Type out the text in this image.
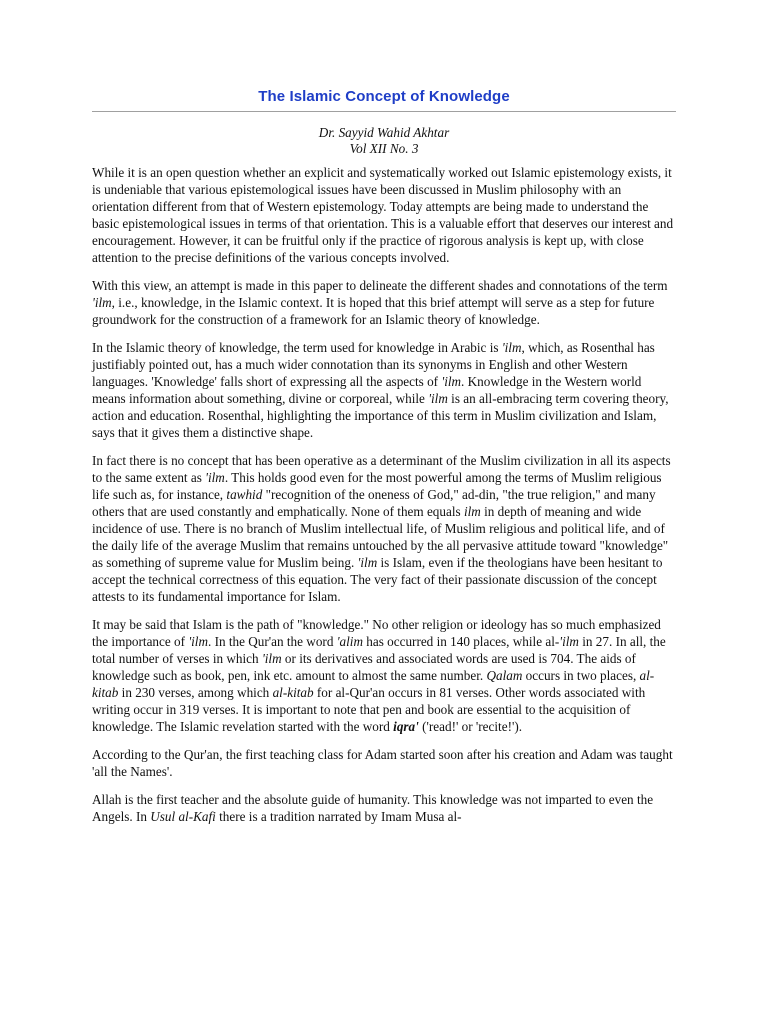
The Islamic Concept of Knowledge
Dr. Sayyid Wahid Akhtar
Vol XII No. 3

While it is an open question whether an explicit and systematically worked out Islamic epistemology exists, it is undeniable that various epistemological issues have been discussed in Muslim philosophy with an orientation different from that of Western epistemology. Today attempts are being made to understand the basic epistemological issues in terms of that orientation. This is a valuable effort that deserves our interest and encouragement. However, it can be fruitful only if the practice of rigorous analysis is kept up, with close attention to the precise definitions of the various concepts involved.

With this view, an attempt is made in this paper to delineate the different shades and connotations of the term 'ilm, i.e., knowledge, in the Islamic context. It is hoped that this brief attempt will serve as a step for future groundwork for the construction of a framework for an Islamic theory of knowledge.

In the Islamic theory of knowledge, the term used for knowledge in Arabic is 'ilm, which, as Rosenthal has justifiably pointed out, has a much wider connotation than its synonyms in English and other Western languages. 'Knowledge' falls short of expressing all the aspects of 'ilm. Knowledge in the Western world means information about something, divine or corporeal, while 'ilm is an all-embracing term covering theory, action and education. Rosenthal, highlighting the importance of this term in Muslim civilization and Islam, says that it gives them a distinctive shape.

In fact there is no concept that has been operative as a determinant of the Muslim civilization in all its aspects to the same extent as 'ilm. This holds good even for the most powerful among the terms of Muslim religious life such as, for instance, tawhid "recognition of the oneness of God," ad-din, "the true religion," and many others that are used constantly and emphatically. None of them equals ilm in depth of meaning and wide incidence of use. There is no branch of Muslim intellectual life, of Muslim religious and political life, and of the daily life of the average Muslim that remains untouched by the all pervasive attitude toward "knowledge" as something of supreme value for Muslim being. 'ilm is Islam, even if the theologians have been hesitant to accept the technical correctness of this equation. The very fact of their passionate discussion of the concept attests to its fundamental importance for Islam.

It may be said that Islam is the path of "knowledge." No other religion or ideology has so much emphasized the importance of 'ilm. In the Qur'an the word 'alim has occurred in 140 places, while al-'ilm in 27. In all, the total number of verses in which 'ilm or its derivatives and associated words are used is 704. The aids of knowledge such as book, pen, ink etc. amount to almost the same number. Qalam occurs in two places, al-kitab in 230 verses, among which al-kitab for al-Qur'an occurs in 81 verses. Other words associated with writing occur in 319 verses. It is important to note that pen and book are essential to the acquisition of knowledge. The Islamic revelation started with the word iqra' ('read!' or 'recite!').

According to the Qur'an, the first teaching class for Adam started soon after his creation and Adam was taught 'all the Names'.

Allah is the first teacher and the absolute guide of humanity. This knowledge was not imparted to even the Angels. In Usul al-Kafi there is a tradition narrated by Imam Musa al-
